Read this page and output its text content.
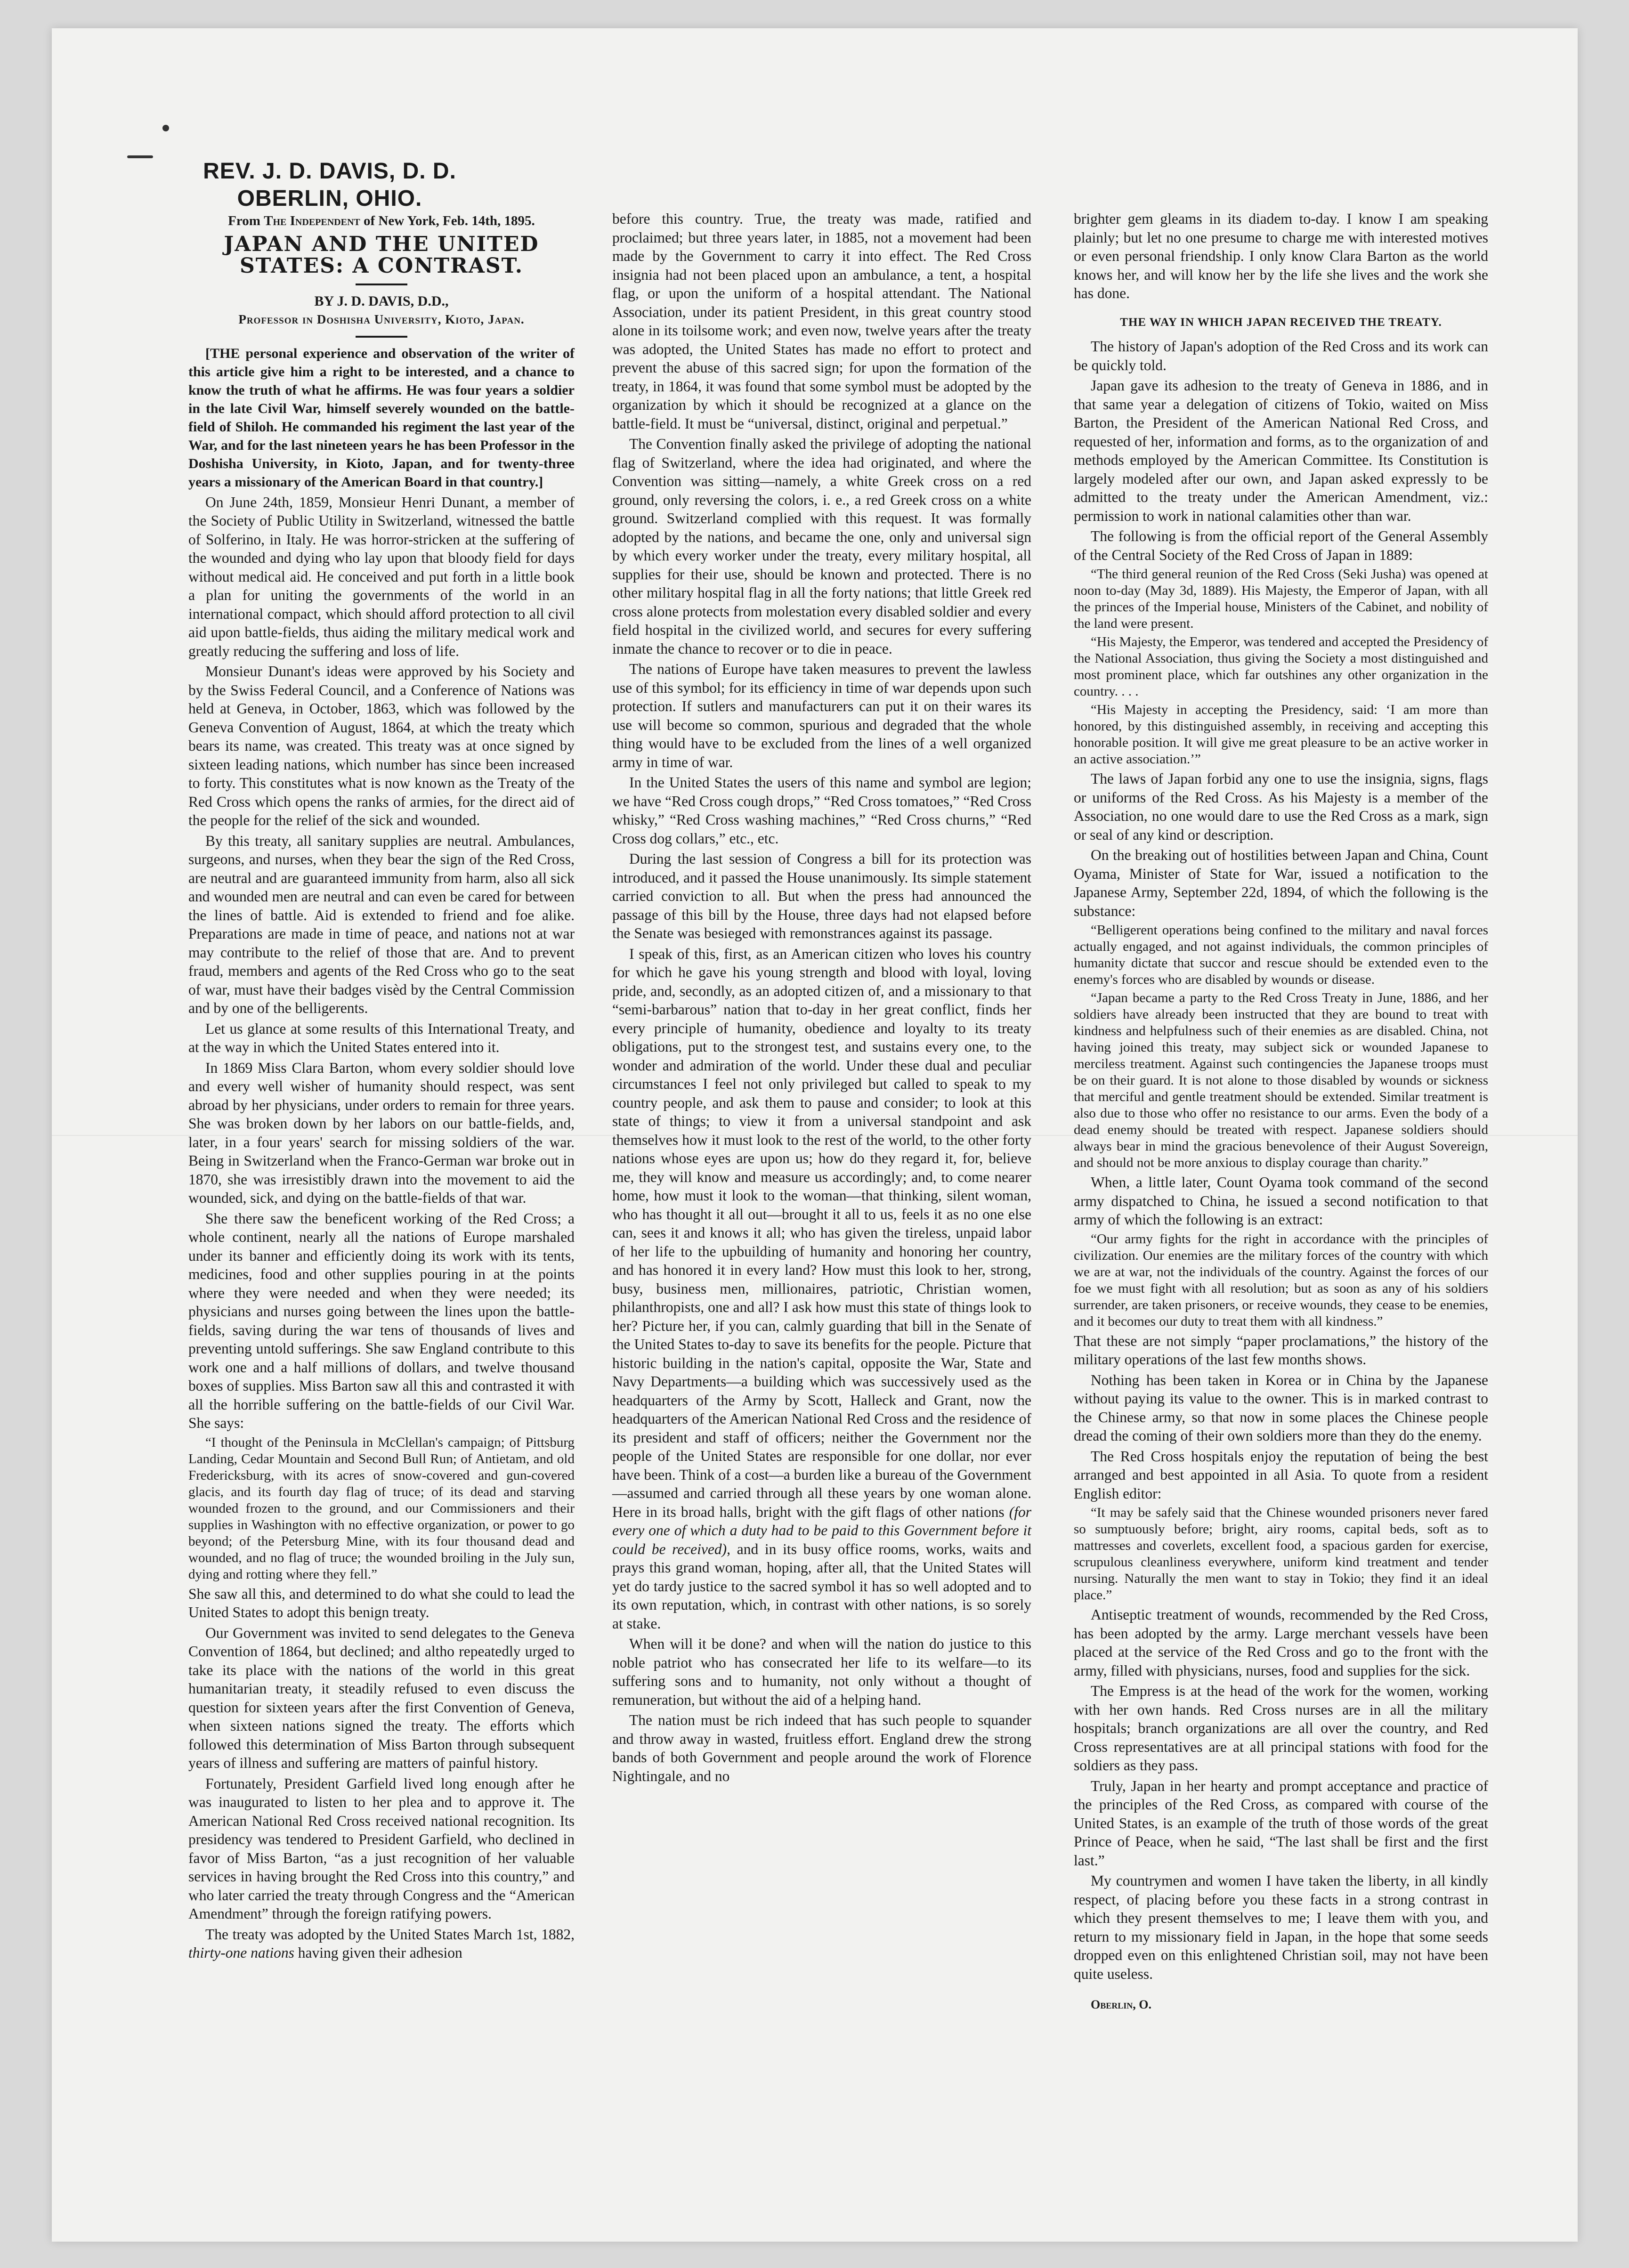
REV. J. D. DAVIS, D. D.
OBERLIN, OHIO.
From The Independent of New York, Feb. 14th, 1895.
JAPAN AND THE UNITED STATES: A CONTRAST.
BY J. D. DAVIS, D.D.,
Professor in Doshisha University, Kioto, Japan.

[THE personal experience and observation of the writer of this article give him a right to be interested, and a chance to know the truth of what he affirms. He was four years a soldier in the late Civil War, himself severely wounded on the battle-field of Shiloh. He commanded his regiment the last year of the War, and for the last nineteen years he has been Professor in the Doshisha University, in Kioto, Japan, and for twenty-three years a missionary of the American Board in that country.]

On June 24th, 1859, Monsieur Henri Dunant, a member of the Society of Public Utility in Switzerland, witnessed the battle of Solferino, in Italy. He was horror-stricken at the suffering of the wounded and dying who lay upon that bloody field for days without medical aid. He conceived and put forth in a little book a plan for uniting the governments of the world in an international compact, which should afford protection to all civil aid upon battle-fields, thus aiding the military medical work and greatly reducing the suffering and loss of life.

Monsieur Dunant's ideas were approved by his Society and by the Swiss Federal Council, and a Conference of Nations was held at Geneva, in October, 1863, which was followed by the Geneva Convention of August, 1864, at which the treaty which bears its name, was created. This treaty was at once signed by sixteen leading nations, which number has since been increased to forty. This constitutes what is now known as the Treaty of the Red Cross which opens the ranks of armies, for the direct aid of the people for the relief of the sick and wounded.

By this treaty, all sanitary supplies are neutral. Ambulances, surgeons, and nurses, when they bear the sign of the Red Cross, are neutral and are guaranteed immunity from harm, also all sick and wounded men are neutral and can even be cared for between the lines of battle. Aid is extended to friend and foe alike. Preparations are made in time of peace, and nations not at war may contribute to the relief of those that are. And to prevent fraud, members and agents of the Red Cross who go to the seat of war, must have their badges visèd by the Central Commission and by one of the belligerents.

Let us glance at some results of this International Treaty, and at the way in which the United States entered into it.

In 1869 Miss Clara Barton, whom every soldier should love and every well wisher of humanity should respect, was sent abroad by her physicians, under orders to remain for three years. She was broken down by her labors on our battle-fields, and, later, in a four years' search for missing soldiers of the war. Being in Switzerland when the Franco-German war broke out in 1870, she was irresistibly drawn into the movement to aid the wounded, sick, and dying on the battle-fields of that war.

She there saw the beneficent working of the Red Cross; a whole continent, nearly all the nations of Europe marshaled under its banner and efficiently doing its work with its tents, medicines, food and other supplies pouring in at the points where they were needed and when they were needed; its physicians and nurses going between the lines upon the battle-fields, saving during the war tens of thousands of lives and preventing untold sufferings. She saw England contribute to this work one and a half millions of dollars, and twelve thousand boxes of supplies. Miss Barton saw all this and contrasted it with all the horrible suffering on the battle-fields of our Civil War. She says:

“I thought of the Peninsula in McClellan's campaign; of Pittsburg Landing, Cedar Mountain and Second Bull Run; of Antietam, and old Fredericksburg, with its acres of snow-covered and gun-covered glacis, and its fourth day flag of truce; of its dead and starving wounded frozen to the ground, and our Commissioners and their supplies in Washington with no effective organization, or power to go beyond; of the Petersburg Mine, with its four thousand dead and wounded, and no flag of truce; the wounded broiling in the July sun, dying and rotting where they fell.”

She saw all this, and determined to do what she could to lead the United States to adopt this benign treaty.

Our Government was invited to send delegates to the Geneva Convention of 1864, but declined; and altho repeatedly urged to take its place with the nations of the world in this great humanitarian treaty, it steadily refused to even discuss the question for sixteen years after the first Convention of Geneva, when sixteen nations signed the treaty. The efforts which followed this determination of Miss Barton through subsequent years of illness and suffering are matters of painful history.

Fortunately, President Garfield lived long enough after he was inaugurated to listen to her plea and to approve it. The American National Red Cross received national recognition. Its presidency was tendered to President Garfield, who declined in favor of Miss Barton, “as a just recognition of her valuable services in having brought the Red Cross into this country,” and who later carried the treaty through Congress and the “American Amendment” through the foreign ratifying powers.

The treaty was adopted by the United States March 1st, 1882, thirty-one nations having given their adhesion

before this country. True, the treaty was made, ratified and proclaimed; but three years later, in 1885, not a movement had been made by the Government to carry it into effect. The Red Cross insignia had not been placed upon an ambulance, a tent, a hospital flag, or upon the uniform of a hospital attendant. The National Association, under its patient President, in this great country stood alone in its toilsome work; and even now, twelve years after the treaty was adopted, the United States has made no effort to protect and prevent the abuse of this sacred sign; for upon the formation of the treaty, in 1864, it was found that some symbol must be adopted by the organization by which it should be recognized at a glance on the battle-field. It must be “universal, distinct, original and perpetual.”

The Convention finally asked the privilege of adopting the national flag of Switzerland, where the idea had originated, and where the Convention was sitting—namely, a white Greek cross on a red ground, only reversing the colors, i. e., a red Greek cross on a white ground. Switzerland complied with this request. It was formally adopted by the nations, and became the one, only and universal sign by which every worker under the treaty, every military hospital, all supplies for their use, should be known and protected. There is no other military hospital flag in all the forty nations; that little Greek red cross alone protects from molestation every disabled soldier and every field hospital in the civilized world, and secures for every suffering inmate the chance to recover or to die in peace.

The nations of Europe have taken measures to prevent the lawless use of this symbol; for its efficiency in time of war depends upon such protection. If sutlers and manufacturers can put it on their wares its use will become so common, spurious and degraded that the whole thing would have to be excluded from the lines of a well organized army in time of war.

In the United States the users of this name and symbol are legion; we have “Red Cross cough drops,” “Red Cross tomatoes,” “Red Cross whisky,” “Red Cross washing machines,” “Red Cross churns,” “Red Cross dog collars,” etc., etc.

During the last session of Congress a bill for its protection was introduced, and it passed the House unanimously. Its simple statement carried conviction to all. But when the press had announced the passage of this bill by the House, three days had not elapsed before the Senate was besieged with remonstrances against its passage.

I speak of this, first, as an American citizen who loves his country for which he gave his young strength and blood with loyal, loving pride, and, secondly, as an adopted citizen of, and a missionary to that “semi-barbarous” nation that to-day in her great conflict, finds her every principle of humanity, obedience and loyalty to its treaty obligations, put to the strongest test, and sustains every one, to the wonder and admiration of the world. Under these dual and peculiar circumstances I feel not only privileged but called to speak to my country people, and ask them to pause and consider; to look at this state of things; to view it from a universal standpoint and ask themselves how it must look to the rest of the world, to the other forty nations whose eyes are upon us; how do they regard it, for, believe me, they will know and measure us accordingly; and, to come nearer home, how must it look to the woman—that thinking, silent woman, who has thought it all out—brought it all to us, feels it as no one else can, sees it and knows it all; who has given the tireless, unpaid labor of her life to the upbuilding of humanity and honoring her country, and has honored it in every land? How must this look to her, strong, busy, business men, millionaires, patriotic, Christian women, philanthropists, one and all? I ask how must this state of things look to her? Picture her, if you can, calmly guarding that bill in the Senate of the United States to-day to save its benefits for the people. Picture that historic building in the nation's capital, opposite the War, State and Navy Departments—a building which was successively used as the headquarters of the Army by Scott, Halleck and Grant, now the headquarters of the American National Red Cross and the residence of its president and staff of officers; neither the Government nor the people of the United States are responsible for one dollar, nor ever have been. Think of a cost—a burden like a bureau of the Government—assumed and carried through all these years by one woman alone. Here in its broad halls, bright with the gift flags of other nations (for every one of which a duty had to be paid to this Government before it could be received), and in its busy office rooms, works, waits and prays this grand woman, hoping, after all, that the United States will yet do tardy justice to the sacred symbol it has so well adopted and to its own reputation, which, in contrast with other nations, is so sorely at stake.

When will it be done? and when will the nation do justice to this noble patriot who has consecrated her life to its welfare—to its suffering sons and to humanity, not only without a thought of remuneration, but without the aid of a helping hand.

The nation must be rich indeed that has such people to squander and throw away in wasted, fruitless effort. England drew the strong bands of both Government and people around the work of Florence Nightingale, and no

brighter gem gleams in its diadem to-day. I know I am speaking plainly; but let no one presume to charge me with interested motives or even personal friendship. I only know Clara Barton as the world knows her, and will know her by the life she lives and the work she has done.

THE WAY IN WHICH JAPAN RECEIVED THE TREATY.

The history of Japan's adoption of the Red Cross and its work can be quickly told.

Japan gave its adhesion to the treaty of Geneva in 1886, and in that same year a delegation of citizens of Tokio, waited on Miss Barton, the President of the American National Red Cross, and requested of her, information and forms, as to the organization of and methods employed by the American Committee. Its Constitution is largely modeled after our own, and Japan asked expressly to be admitted to the treaty under the American Amendment, viz.: permission to work in national calamities other than war.

The following is from the official report of the General Assembly of the Central Society of the Red Cross of Japan in 1889:

“The third general reunion of the Red Cross (Seki Jusha) was opened at noon to-day (May 3d, 1889). His Majesty, the Emperor of Japan, with all the princes of the Imperial house, Ministers of the Cabinet, and nobility of the land were present.

“His Majesty, the Emperor, was tendered and accepted the Presidency of the National Association, thus giving the Society a most distinguished and most prominent place, which far outshines any other organization in the country. . . .

“His Majesty in accepting the Presidency, said: ‘I am more than honored, by this distinguished assembly, in receiving and accepting this honorable position. It will give me great pleasure to be an active worker in an active association.’”

The laws of Japan forbid any one to use the insignia, signs, flags or uniforms of the Red Cross. As his Majesty is a member of the Association, no one would dare to use the Red Cross as a mark, sign or seal of any kind or description.

On the breaking out of hostilities between Japan and China, Count Oyama, Minister of State for War, issued a notification to the Japanese Army, September 22d, 1894, of which the following is the substance:

“Belligerent operations being confined to the military and naval forces actually engaged, and not against individuals, the common principles of humanity dictate that succor and rescue should be extended even to the enemy's forces who are disabled by wounds or disease.

“Japan became a party to the Red Cross Treaty in June, 1886, and her soldiers have already been instructed that they are bound to treat with kindness and helpfulness such of their enemies as are disabled. China, not having joined this treaty, may subject sick or wounded Japanese to merciless treatment. Against such contingencies the Japanese troops must be on their guard. It is not alone to those disabled by wounds or sickness that merciful and gentle treatment should be extended. Similar treatment is also due to those who offer no resistance to our arms. Even the body of a dead enemy should be treated with respect. Japanese soldiers should always bear in mind the gracious benevolence of their August Sovereign, and should not be more anxious to display courage than charity.”

When, a little later, Count Oyama took command of the second army dispatched to China, he issued a second notification to that army of which the following is an extract:

“Our army fights for the right in accordance with the principles of civilization. Our enemies are the military forces of the country with which we are at war, not the individuals of the country. Against the forces of our foe we must fight with all resolution; but as soon as any of his soldiers surrender, are taken prisoners, or receive wounds, they cease to be enemies, and it becomes our duty to treat them with all kindness.”

That these are not simply “paper proclamations,” the history of the military operations of the last few months shows.

Nothing has been taken in Korea or in China by the Japanese without paying its value to the owner. This is in marked contrast to the Chinese army, so that now in some places the Chinese people dread the coming of their own soldiers more than they do the enemy.

The Red Cross hospitals enjoy the reputation of being the best arranged and best appointed in all Asia. To quote from a resident English editor:

“It may be safely said that the Chinese wounded prisoners never fared so sumptuously before; bright, airy rooms, capital beds, soft as to mattresses and coverlets, excellent food, a spacious garden for exercise, scrupulous cleanliness everywhere, uniform kind treatment and tender nursing. Naturally the men want to stay in Tokio; they find it an ideal place.”

Antiseptic treatment of wounds, recommended by the Red Cross, has been adopted by the army. Large merchant vessels have been placed at the service of the Red Cross and go to the front with the army, filled with physicians, nurses, food and supplies for the sick.

The Empress is at the head of the work for the women, working with her own hands. Red Cross nurses are in all the military hospitals; branch organizations are all over the country, and Red Cross representatives are at all principal stations with food for the soldiers as they pass.

Truly, Japan in her hearty and prompt acceptance and practice of the principles of the Red Cross, as compared with course of the United States, is an example of the truth of those words of the great Prince of Peace, when he said, “The last shall be first and the first last.”

My countrymen and women I have taken the liberty, in all kindly respect, of placing before you these facts in a strong contrast in which they present themselves to me; I leave them with you, and return to my missionary field in Japan, in the hope that some seeds dropped even on this enlightened Christian soil, may not have been quite useless.

Oberlin, O.
